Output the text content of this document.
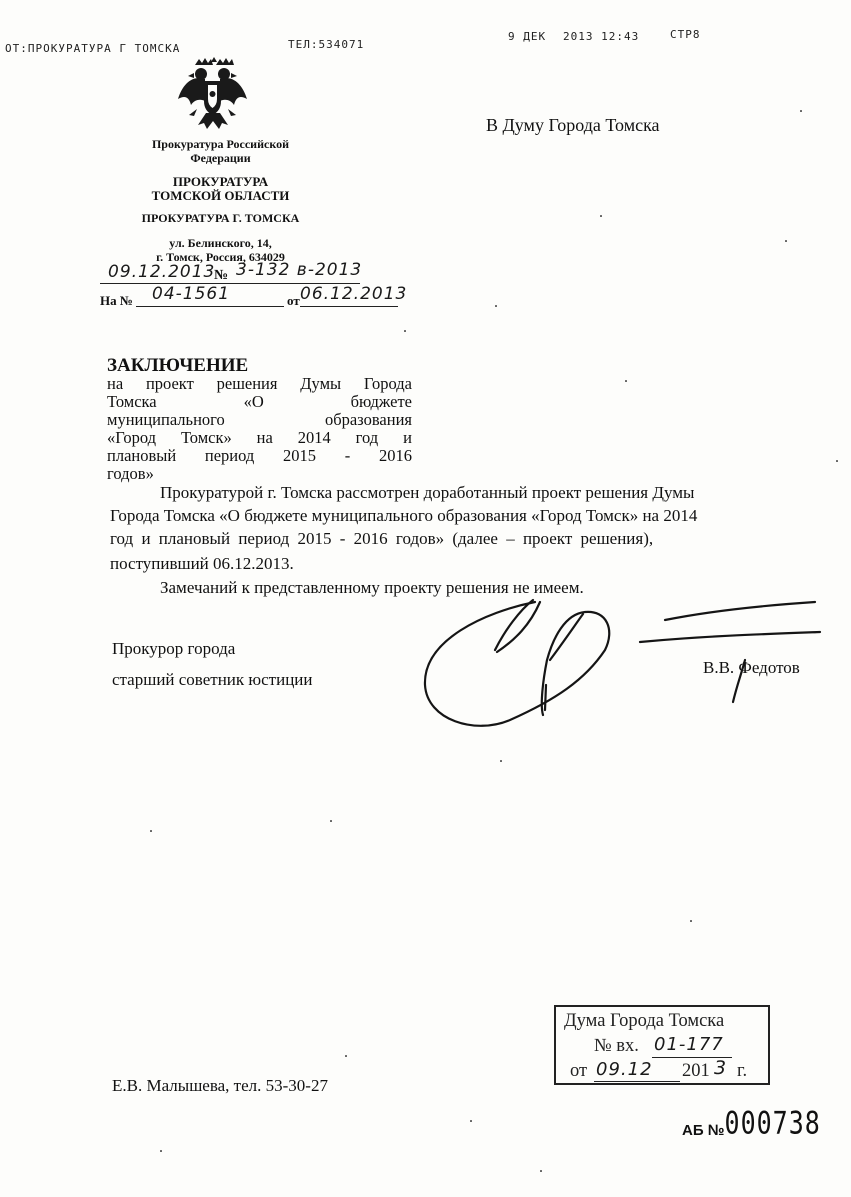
ОТ:ПРОКУРАТУРА Г ТОМСКА	ТЕЛ:534071
9 ДЕК 2013 12:43	СТР8
Прокуратура Российской
Федерации
ПРОКУРАТУРА
ТОМСКОЙ ОБЛАСТИ
ПРОКУРАТУРА Г. ТОМСКА
ул. Белинского, 14,
г. Томск, Россия, 634029
09.12.2013
№ 3-132 в-2013
На № 04-1561	от 06.12.2013
В Думу Города Томска
ЗАКЛЮЧЕНИЕ
на проект решения Думы Города
Томска	«О	бюджете
муниципального	образования
«Город Томск» на 2014 год и
плановый период 2015 - 2016
годов»
Прокуратурой г. Томска рассмотрен доработанный проект решения Думы
Города Томска «О бюджете муниципального образования «Город Томск» на 2014
год и плановый период 2015 - 2016 годов» (далее – проект решения),
поступивший 06.12.2013.
Замечаний к представленному проекту решения не имеем.
Прокурор города
старший советник юстиции
В.В. Федотов
Е.В. Малышева, тел. 53-30-27
Дума Города Томска
№ вх. 01-177
от 09.12 201 3 г.
АБ №000738
